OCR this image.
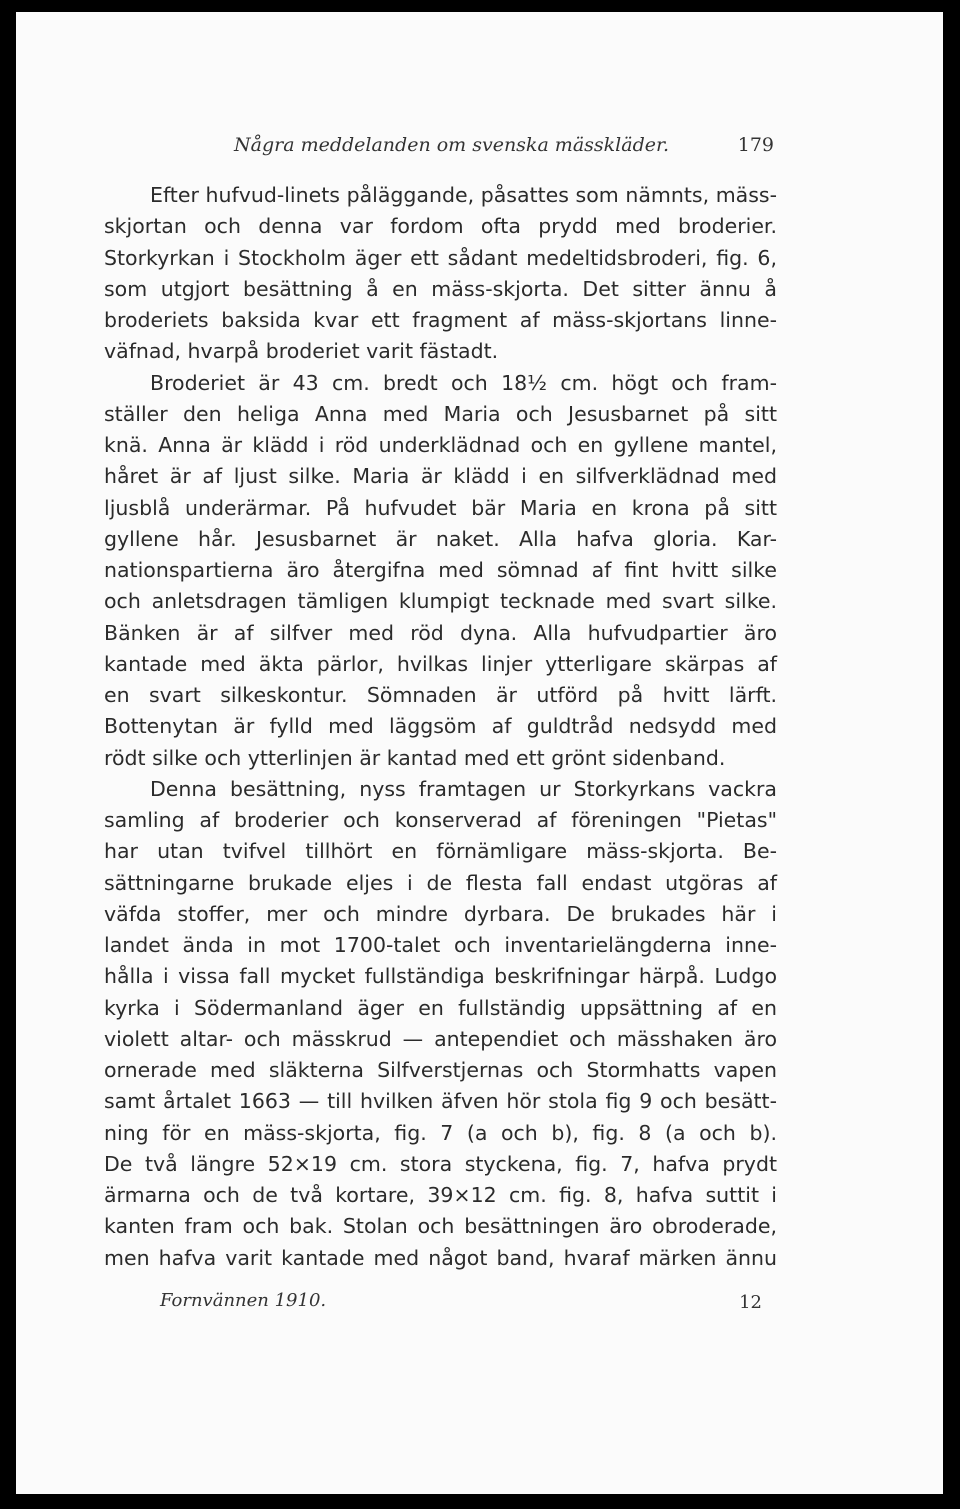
Några meddelanden om svenska mässkläder.	179
Efter hufvud-linets påläggande, påsattes som nämnts, mäss-
skjortan och denna var fordom ofta prydd med broderier.
Storkyrkan i Stockholm äger ett sådant medeltidsbroderi, fig. 6,
som utgjort besättning å en mäss-skjorta. Det sitter ännu å
broderiets baksida kvar ett fragment af mäss-skjortans linne-
väfnad, hvarpå broderiet varit fästadt.
Broderiet är 43 cm. bredt och 18½ cm. högt och fram-
ställer den heliga Anna med Maria och Jesusbarnet på sitt
knä. Anna är klädd i röd underklädnad och en gyllene mantel,
håret är af ljust silke. Maria är klädd i en silfverklädnad med
ljusblå underärmar. På hufvudet bär Maria en krona på sitt
gyllene hår. Jesusbarnet är naket. Alla hafva gloria. Kar-
nationspartierna äro återgifna med sömnad af fint hvitt silke
och anletsdragen tämligen klumpigt tecknade med svart silke.
Bänken är af silfver med röd dyna. Alla hufvudpartier äro
kantade med äkta pärlor, hvilkas linjer ytterligare skärpas af
en svart silkeskontur. Sömnaden är utförd på hvitt lärft.
Bottenytan är fylld med läggsöm af guldtråd nedsydd med
rödt silke och ytterlinjen är kantad med ett grönt sidenband.
Denna besättning, nyss framtagen ur Storkyrkans vackra
samling af broderier och konserverad af föreningen "Pietas"
har utan tvifvel tillhört en förnämligare mäss-skjorta. Be-
sättningarne brukade eljes i de flesta fall endast utgöras af
väfda stoffer, mer och mindre dyrbara. De brukades här i
landet ända in mot 1700-talet och inventarielängderna inne-
hålla i vissa fall mycket fullständiga beskrifningar härpå. Ludgo
kyrka i Södermanland äger en fullständig uppsättning af en
violett altar- och mässkrud — antependiet och mässhaken äro
ornerade med släkterna Silfverstjernas och Stormhatts vapen
samt årtalet 1663 — till hvilken äfven hör stola fig 9 och besätt-
ning för en mäss-skjorta, fig. 7 (a och b), fig. 8 (a och b).
De två längre 52×19 cm. stora styckena, fig. 7, hafva prydt
ärmarna och de två kortare, 39×12 cm. fig. 8, hafva suttit i
kanten fram och bak. Stolan och besättningen äro obroderade,
men hafva varit kantade med något band, hvaraf märken ännu
Fornvännen 1910.	12
